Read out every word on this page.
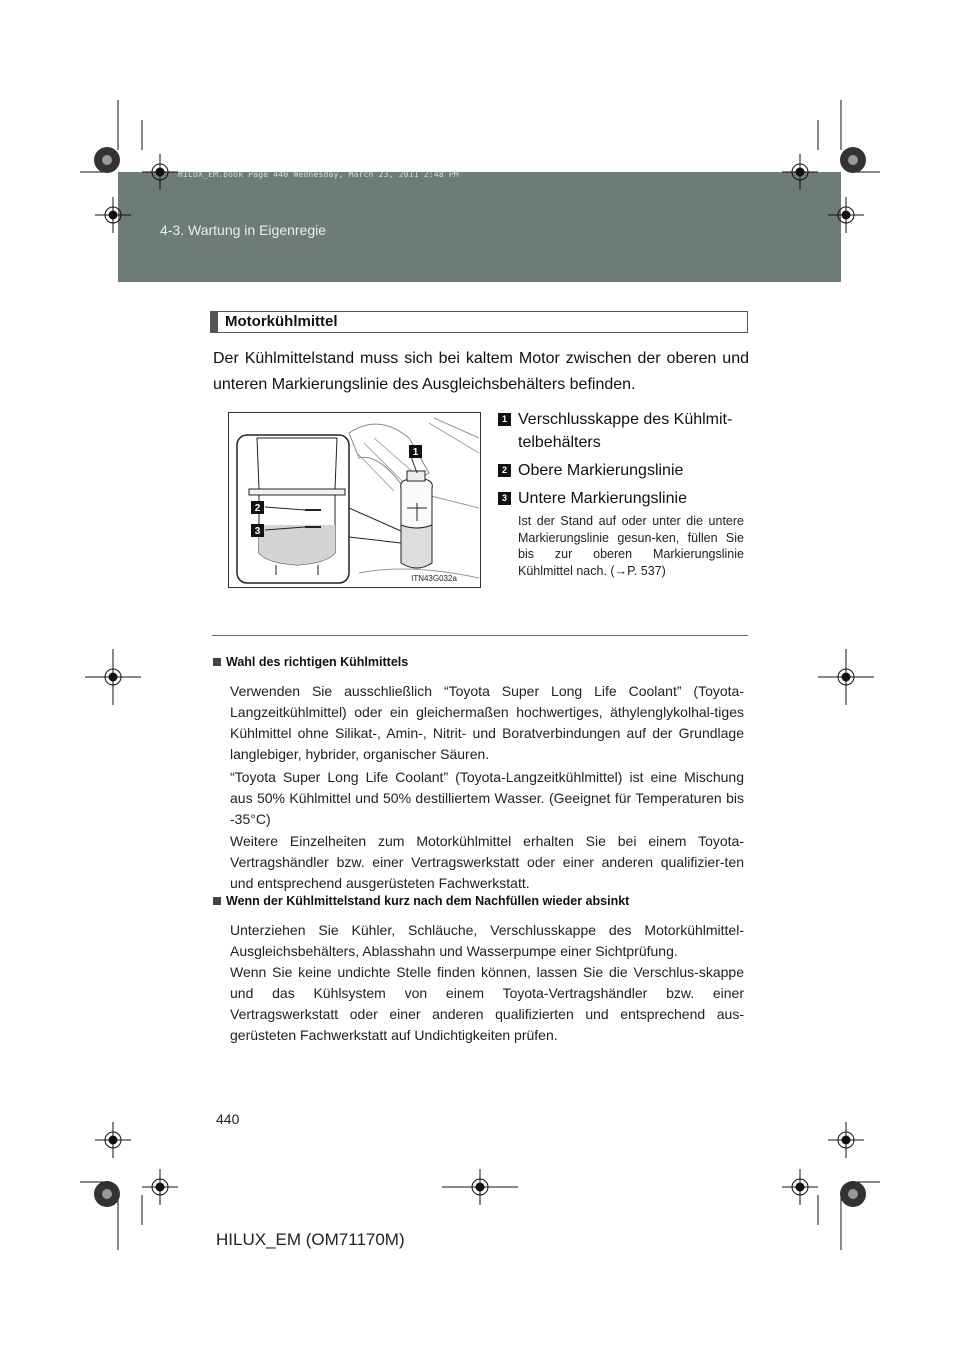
HILUX_EM.book Page 440 Wednesday, March 23, 2011 2:48 PM
4-3. Wartung in Eigenregie
Motorkühlmittel
Der Kühlmittelstand muss sich bei kaltem Motor zwischen der oberen und unteren Markierungslinie des Ausgleichsbehälters befinden.
1
2
3
ITN43G032a
1 Verschlusskappe des Kühlmit-telbehälters
2 Obere Markierungslinie
3 Untere Markierungslinie
Ist der Stand auf oder unter die untere Markierungslinie gesun-ken, füllen Sie bis zur oberen Markierungslinie Kühlmittel nach. (→P. 537)
Wahl des richtigen Kühlmittels
Verwenden Sie ausschließlich “Toyota Super Long Life Coolant” (Toyota-Langzeitkühlmittel) oder ein gleichermaßen hochwertiges, äthylenglykolhal-tiges Kühlmittel ohne Silikat-, Amin-, Nitrit- und Boratverbindungen auf der Grundlage langlebiger, hybrider, organischer Säuren.
“Toyota Super Long Life Coolant” (Toyota-Langzeitkühlmittel) ist eine Mischung aus 50% Kühlmittel und 50% destilliertem Wasser. (Geeignet für Temperaturen bis -35°C)
Weitere Einzelheiten zum Motorkühlmittel erhalten Sie bei einem Toyota-Vertragshändler bzw. einer Vertragswerkstatt oder einer anderen qualifizier-ten und entsprechend ausgerüsteten Fachwerkstatt.
Wenn der Kühlmittelstand kurz nach dem Nachfüllen wieder absinkt
Unterziehen Sie Kühler, Schläuche, Verschlusskappe des Motorkühlmittel-Ausgleichsbehälters, Ablasshahn und Wasserpumpe einer Sichtprüfung.
Wenn Sie keine undichte Stelle finden können, lassen Sie die Verschlus-skappe und das Kühlsystem von einem Toyota-Vertragshändler bzw. einer Vertragswerkstatt oder einer anderen qualifizierten und entsprechend aus-gerüsteten Fachwerkstatt auf Undichtigkeiten prüfen.
440
HILUX_EM (OM71170M)
